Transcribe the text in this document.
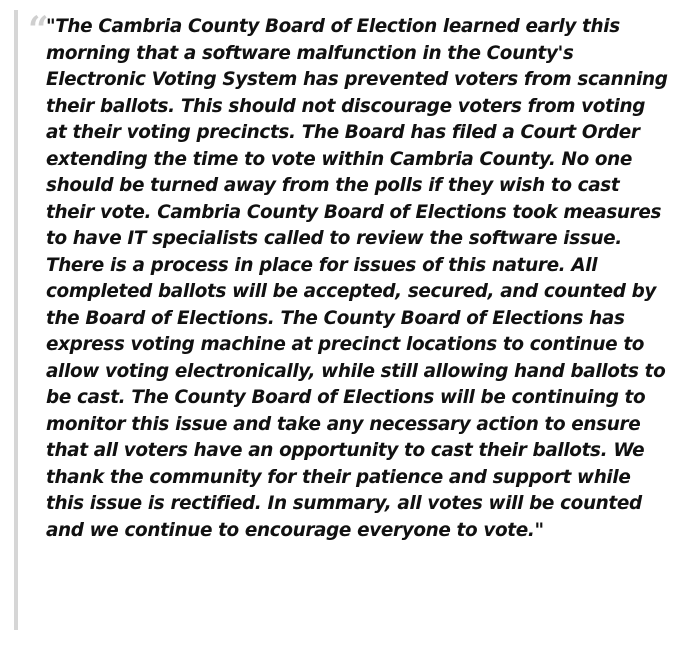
“ "The Cambria County Board of Election learned early this
morning that a software malfunction in the County's
Electronic Voting System has prevented voters from scanning
their ballots. This should not discourage voters from voting
at their voting precincts. The Board has filed a Court Order
extending the time to vote within Cambria County. No one
should be turned away from the polls if they wish to cast
their vote. Cambria County Board of Elections took measures
to have IT specialists called to review the software issue.
There is a process in place for issues of this nature. All
completed ballots will be accepted, secured, and counted by
the Board of Elections. The County Board of Elections has
express voting machine at precinct locations to continue to
allow voting electronically, while still allowing hand ballots to
be cast. The County Board of Elections will be continuing to
monitor this issue and take any necessary action to ensure
that all voters have an opportunity to cast their ballots. We
thank the community for their patience and support while
this issue is rectified. In summary, all votes will be counted
and we continue to encourage everyone to vote."
